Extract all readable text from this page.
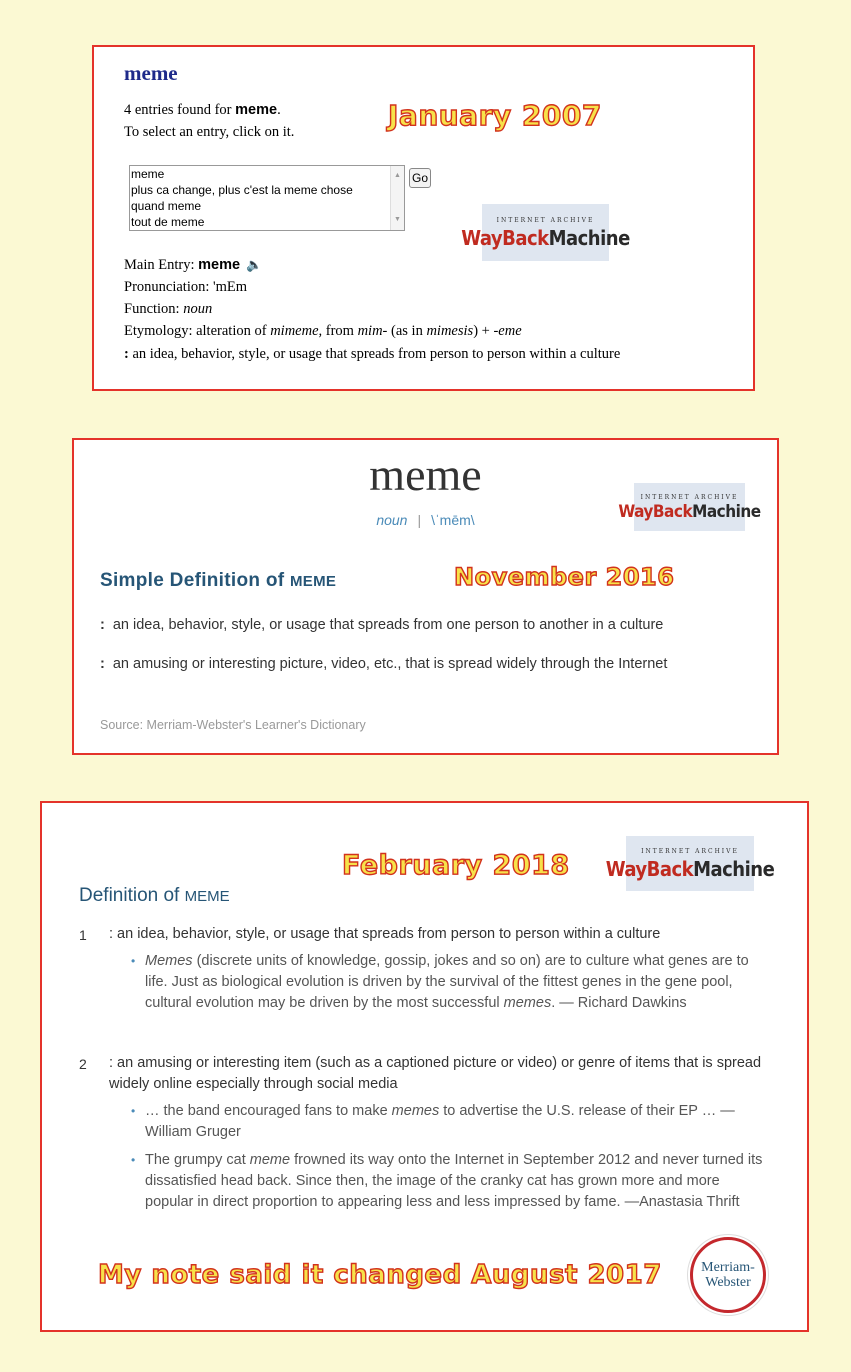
meme
4 entries found for meme.
To select an entry, click on it.
meme
plus ca change, plus c'est la meme chose
quand meme
tout de meme
▲
▼
Go
Main Entry: meme 🔈
Pronunciation: 'mEm
Function: noun
Etymology: alteration of mimeme, from mim- (as in mimesis) + -eme
: an idea, behavior, style, or usage that spreads from person to person within a culture
January 2007
INTERNET ARCHIVE
WayBackMachine
meme
noun | \ˈmēm\
INTERNET ARCHIVE
WayBackMachine
Simple Definition of MEME	November 2016
: an idea, behavior, style, or usage that spreads from one person to another in a culture
: an amusing or interesting picture, video, etc., that is spread widely through the Internet
Source: Merriam-Webster's Learner's Dictionary
INTERNET ARCHIVE
WayBackMachine
February 2018
Definition of MEME
1 : an idea, behavior, style, or usage that spreads from person to person within a culture
• Memes (discrete units of knowledge, gossip, jokes and so on) are to culture what genes are to life. Just as biological evolution is driven by the survival of the fittest genes in the gene pool, cultural evolution may be driven by the most successful memes. — Richard Dawkins
2 : an amusing or interesting item (such as a captioned picture or video) or genre of items that is spread widely online especially through social media
• … the band encouraged fans to make memes to advertise the U.S. release of their EP … —William Gruger
• The grumpy cat meme frowned its way onto the Internet in September 2012 and never turned its dissatisfied head back. Since then, the image of the cranky cat has grown more and more popular in direct proportion to appearing less and less impressed by fame. —Anastasia Thrift
My note said it changed August 2017	Merriam-
Webster
